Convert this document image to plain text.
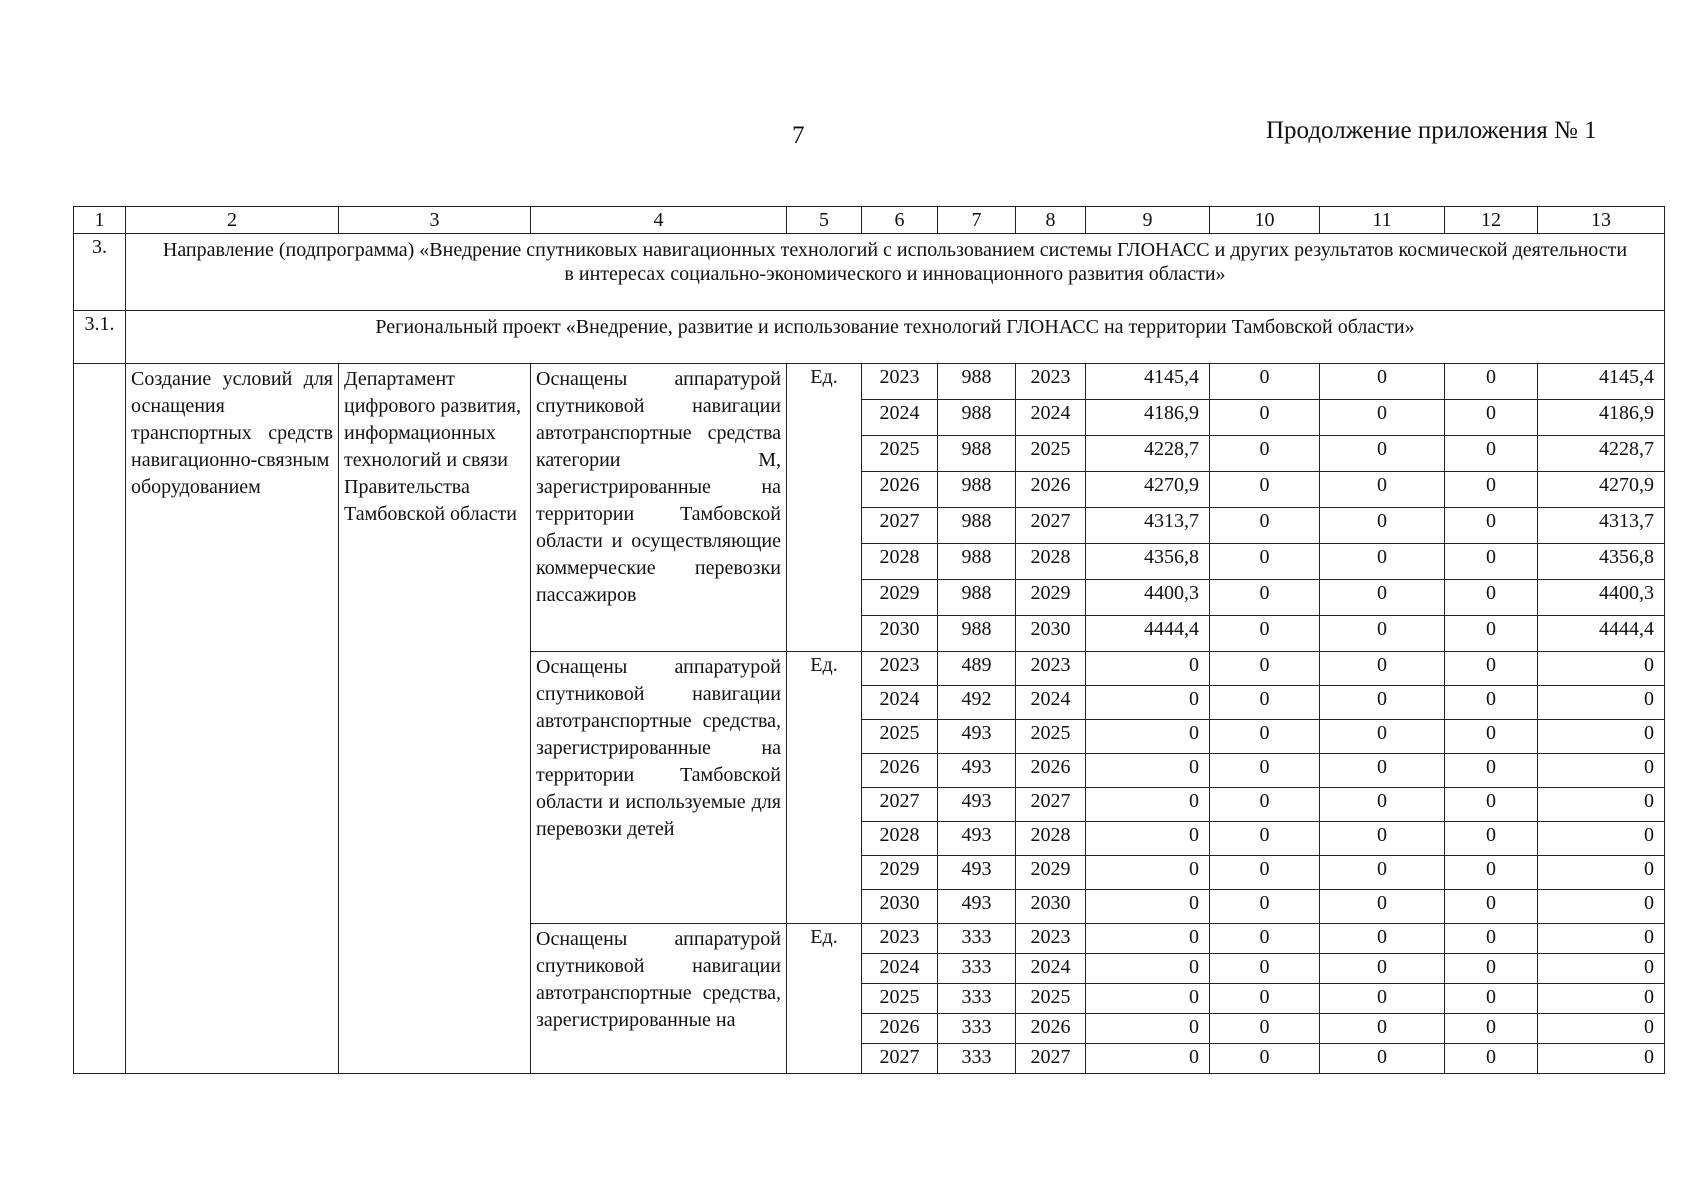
7	Продолжение приложения № 1
1	2	3	4	5	6	7	8	9	10	11	12	13
3.	Направление (подпрограмма) «Внедрение спутниковых навигационных технологий с использованием системы ГЛОНАСС и других результатов космической деятельности в интересах социально-экономического и инновационного развития области»											
3.1.	Региональный проект «Внедрение, развитие и использование технологий ГЛОНАСС на территории Тамбовской области»											
	Создание условий для оснащения транспортных средств навигационно-связным оборудованием	Департамент цифрового развития, информационных технологий и связи Правительства Тамбовской области	Оснащены аппаратурой спутниковой навигации автотранспортные средства категории М, зарегистрированные на территории Тамбовской области и осуществляющие коммерческие перевозки пассажиров	Ед.	2023	988	2023	4145,4	0	0	0	4145,4
					2024	988	2024	4186,9	0	0	0	4186,9
					2025	988	2025	4228,7	0	0	0	4228,7
					2026	988	2026	4270,9	0	0	0	4270,9
					2027	988	2027	4313,7	0	0	0	4313,7
					2028	988	2028	4356,8	0	0	0	4356,8
					2029	988	2029	4400,3	0	0	0	4400,3
					2030	988	2030	4444,4	0	0	0	4444,4
			Оснащены аппаратурой спутниковой навигации автотранспортные средства, зарегистрированные на территории Тамбовской области и используемые для перевозки детей	Ед.	2023	489	2023	0	0	0	0	0
					2024	492	2024	0	0	0	0	0
					2025	493	2025	0	0	0	0	0
					2026	493	2026	0	0	0	0	0
					2027	493	2027	0	0	0	0	0
					2028	493	2028	0	0	0	0	0
					2029	493	2029	0	0	0	0	0
					2030	493	2030	0	0	0	0	0
			Оснащены аппаратурой спутниковой навигации автотранспортные средства, зарегистрированные на	Ед.	2023	333	2023	0	0	0	0	0
					2024	333	2024	0	0	0	0	0
					2025	333	2025	0	0	0	0	0
					2026	333	2026	0	0	0	0	0
					2027	333	2027	0	0	0	0	0
